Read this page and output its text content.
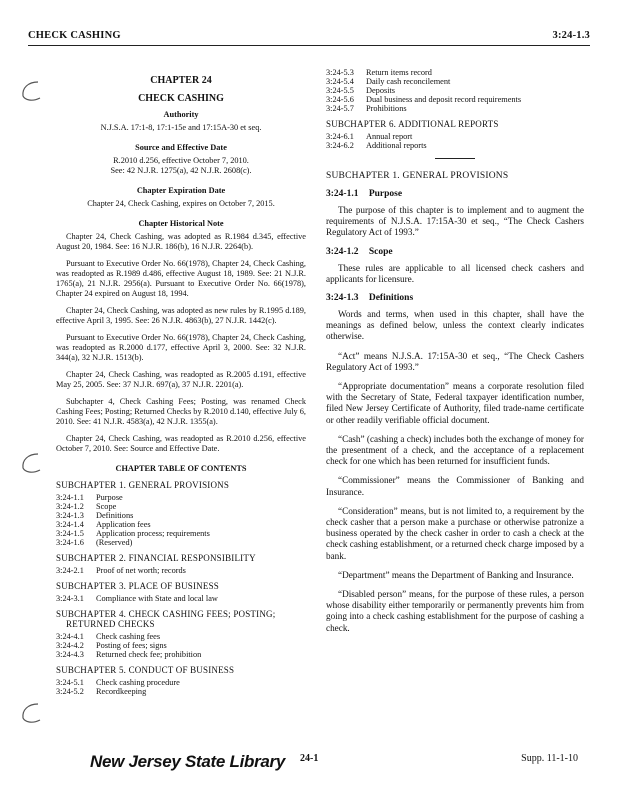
CHECK CASHING	3:24-1.3
CHAPTER 24
CHECK CASHING
Authority
N.J.S.A. 17:1-8, 17:1-15e and 17:15A-30 et seq.
Source and Effective Date
R.2010 d.256, effective October 7, 2010.
See: 42 N.J.R. 1275(a), 42 N.J.R. 2608(c).
Chapter Expiration Date
Chapter 24, Check Cashing, expires on October 7, 2015.
Chapter Historical Note

Chapter 24, Check Cashing, was adopted as R.1984 d.345, effective August 20, 1984. See: 16 N.J.R. 186(b), 16 N.J.R. 2264(b).

Pursuant to Executive Order No. 66(1978), Chapter 24, Check Cashing, was readopted as R.1989 d.486, effective August 18, 1989. See: 21 N.J.R. 1765(a), 21 N.J.R. 2956(a). Pursuant to Executive Order No. 66(1978), Chapter 24 expired on August 18, 1994.

Chapter 24, Check Cashing, was adopted as new rules by R.1995 d.189, effective April 3, 1995. See: 26 N.J.R. 4863(b), 27 N.J.R. 1442(c).

Pursuant to Executive Order No. 66(1978), Chapter 24, Check Cashing, was readopted as R.2000 d.177, effective April 3, 2000. See: 32 N.J.R. 344(a), 32 N.J.R. 1513(b).

Chapter 24, Check Cashing, was readopted as R.2005 d.191, effective May 25, 2005. See: 37 N.J.R. 697(a), 37 N.J.R. 2201(a).

Subchapter 4, Check Cashing Fees; Posting, was renamed Check Cashing Fees; Posting; Returned Checks by R.2010 d.140, effective July 6, 2010. See: 41 N.J.R. 4583(a), 42 N.J.R. 1355(a).

Chapter 24, Check Cashing, was readopted as R.2010 d.256, effective October 7, 2010. See: Source and Effective Date.

CHAPTER TABLE OF CONTENTS
SUBCHAPTER 1. GENERAL PROVISIONS
3:24-1.1	Purpose
3:24-1.2	Scope
3:24-1.3	Definitions
3:24-1.4	Application fees
3:24-1.5	Application process; requirements
3:24-1.6	(Reserved)
SUBCHAPTER 2. FINANCIAL RESPONSIBILITY
3:24-2.1	Proof of net worth; records
SUBCHAPTER 3. PLACE OF BUSINESS
3:24-3.1	Compliance with State and local law
SUBCHAPTER 4. CHECK CASHING FEES; POSTING;
RETURNED CHECKS
3:24-4.1	Check cashing fees
3:24-4.2	Posting of fees; signs
3:24-4.3	Returned check fee; prohibition
SUBCHAPTER 5. CONDUCT OF BUSINESS
3:24-5.1	Check cashing procedure
3:24-5.2	Recordkeeping
3:24-5.3	Return items record
3:24-5.4	Daily cash reconcilement
3:24-5.5	Deposits
3:24-5.6	Dual business and deposit record requirements
3:24-5.7	Prohibitions
SUBCHAPTER 6. ADDITIONAL REPORTS
3:24-6.1	Annual report
3:24-6.2	Additional reports
SUBCHAPTER 1. GENERAL PROVISIONS
3:24-1.1 Purpose

The purpose of this chapter is to implement and to augment the requirements of N.J.S.A. 17:15A-30 et seq., “The Check Cashers Regulatory Act of 1993.”

3:24-1.2 Scope

These rules are applicable to all licensed check cashers and applicants for licensure.

3:24-1.3 Definitions

Words and terms, when used in this chapter, shall have the meanings as defined below, unless the context clearly indicates otherwise.

“Act” means N.J.S.A. 17:15A-30 et seq., “The Check Cashers Regulatory Act of 1993.”

“Appropriate documentation” means a corporate resolution filed with the Secretary of State, Federal taxpayer identification number, filed New Jersey Certificate of Authority, filed trade-name certificate or other readily verifiable official document.

“Cash” (cashing a check) includes both the exchange of money for the presentment of a check, and the acceptance of a replacement check for one which has been returned for insufficient funds.

“Commissioner” means the Commissioner of Banking and Insurance.

“Consideration” means, but is not limited to, a requirement by the check casher that a person make a purchase or otherwise patronize a business operated by the check casher in order to cash a check at the check cashing establishment, or a returned check charge imposed by a bank.

“Department” means the Department of Banking and Insurance.

“Disabled person” means, for the purpose of these rules, a person whose disability either temporarily or permanently prevents him from going into a check cashing establishment for the purpose of cashing a check.

New Jersey State Library 24-1	Supp. 11-1-10
